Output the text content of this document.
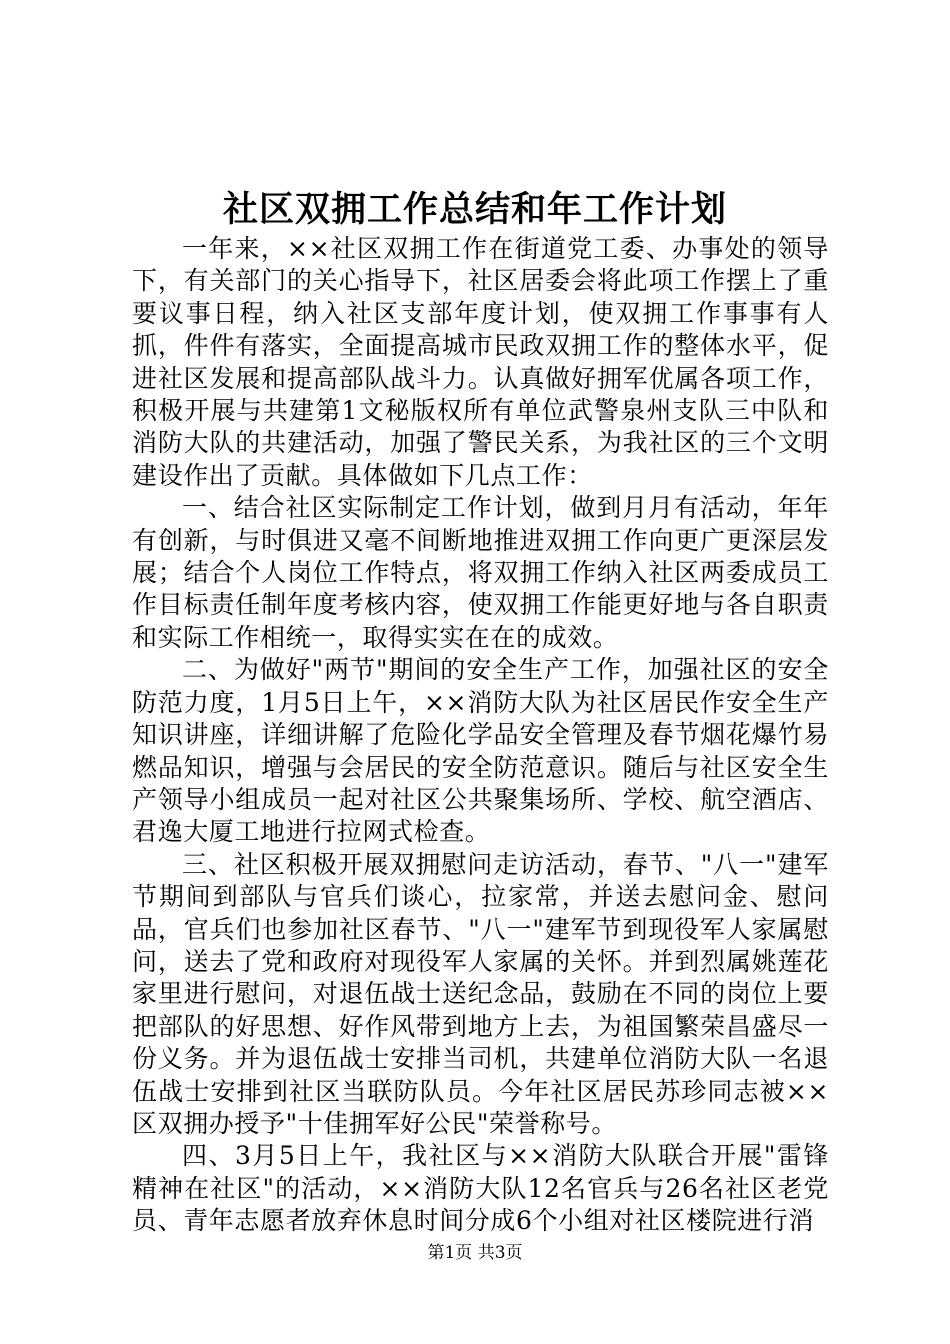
社区双拥工作总结和年工作计划

一年来，××社区双拥工作在街道党工委、办事处的领导下，有关部门的关心指导下，社区居委会将此项工作摆上了重要议事日程，纳入社区支部年度计划，使双拥工作事事有人抓，件件有落实，全面提高城市民政双拥工作的整体水平，促进社区发展和提高部队战斗力。认真做好拥军优属各项工作，积极开展与共建第1文秘版权所有单位武警泉州支队三中队和消防大队的共建活动，加强了警民关系，为我社区的三个文明建设作出了贡献。具体做如下几点工作：

一、结合社区实际制定工作计划，做到月月有活动，年年有创新，与时俱进又毫不间断地推进双拥工作向更广更深层发展；结合个人岗位工作特点，将双拥工作纳入社区两委成员工作目标责任制年度考核内容，使双拥工作能更好地与各自职责和实际工作相统一，取得实实在在的成效。

二、为做好"两节"期间的安全生产工作，加强社区的安全防范力度，1月5日上午，××消防大队为社区居民作安全生产知识讲座，详细讲解了危险化学品安全管理及春节烟花爆竹易燃品知识，增强与会居民的安全防范意识。随后与社区安全生产领导小组成员一起对社区公共聚集场所、学校、航空酒店、君逸大厦工地进行拉网式检查。

三、社区积极开展双拥慰问走访活动，春节、"八一"建军节期间到部队与官兵们谈心，拉家常，并送去慰问金、慰问品，官兵们也参加社区春节、"八一"建军节到现役军人家属慰问，送去了党和政府对现役军人家属的关怀。并到烈属姚莲花家里进行慰问，对退伍战士送纪念品，鼓励在不同的岗位上要把部队的好思想、好作风带到地方上去，为祖国繁荣昌盛尽一份义务。并为退伍战士安排当司机，共建单位消防大队一名退伍战士安排到社区当联防队员。今年社区居民苏珍同志被××区双拥办授予"十佳拥军好公民"荣誉称号。

四、3月5日上午，我社区与××消防大队联合开展"雷锋精神在社区"的活动，××消防大队12名官兵与26名社区老党员、青年志愿者放弃休息时间分成6个小组对社区楼院进行消

第1页 共3页
